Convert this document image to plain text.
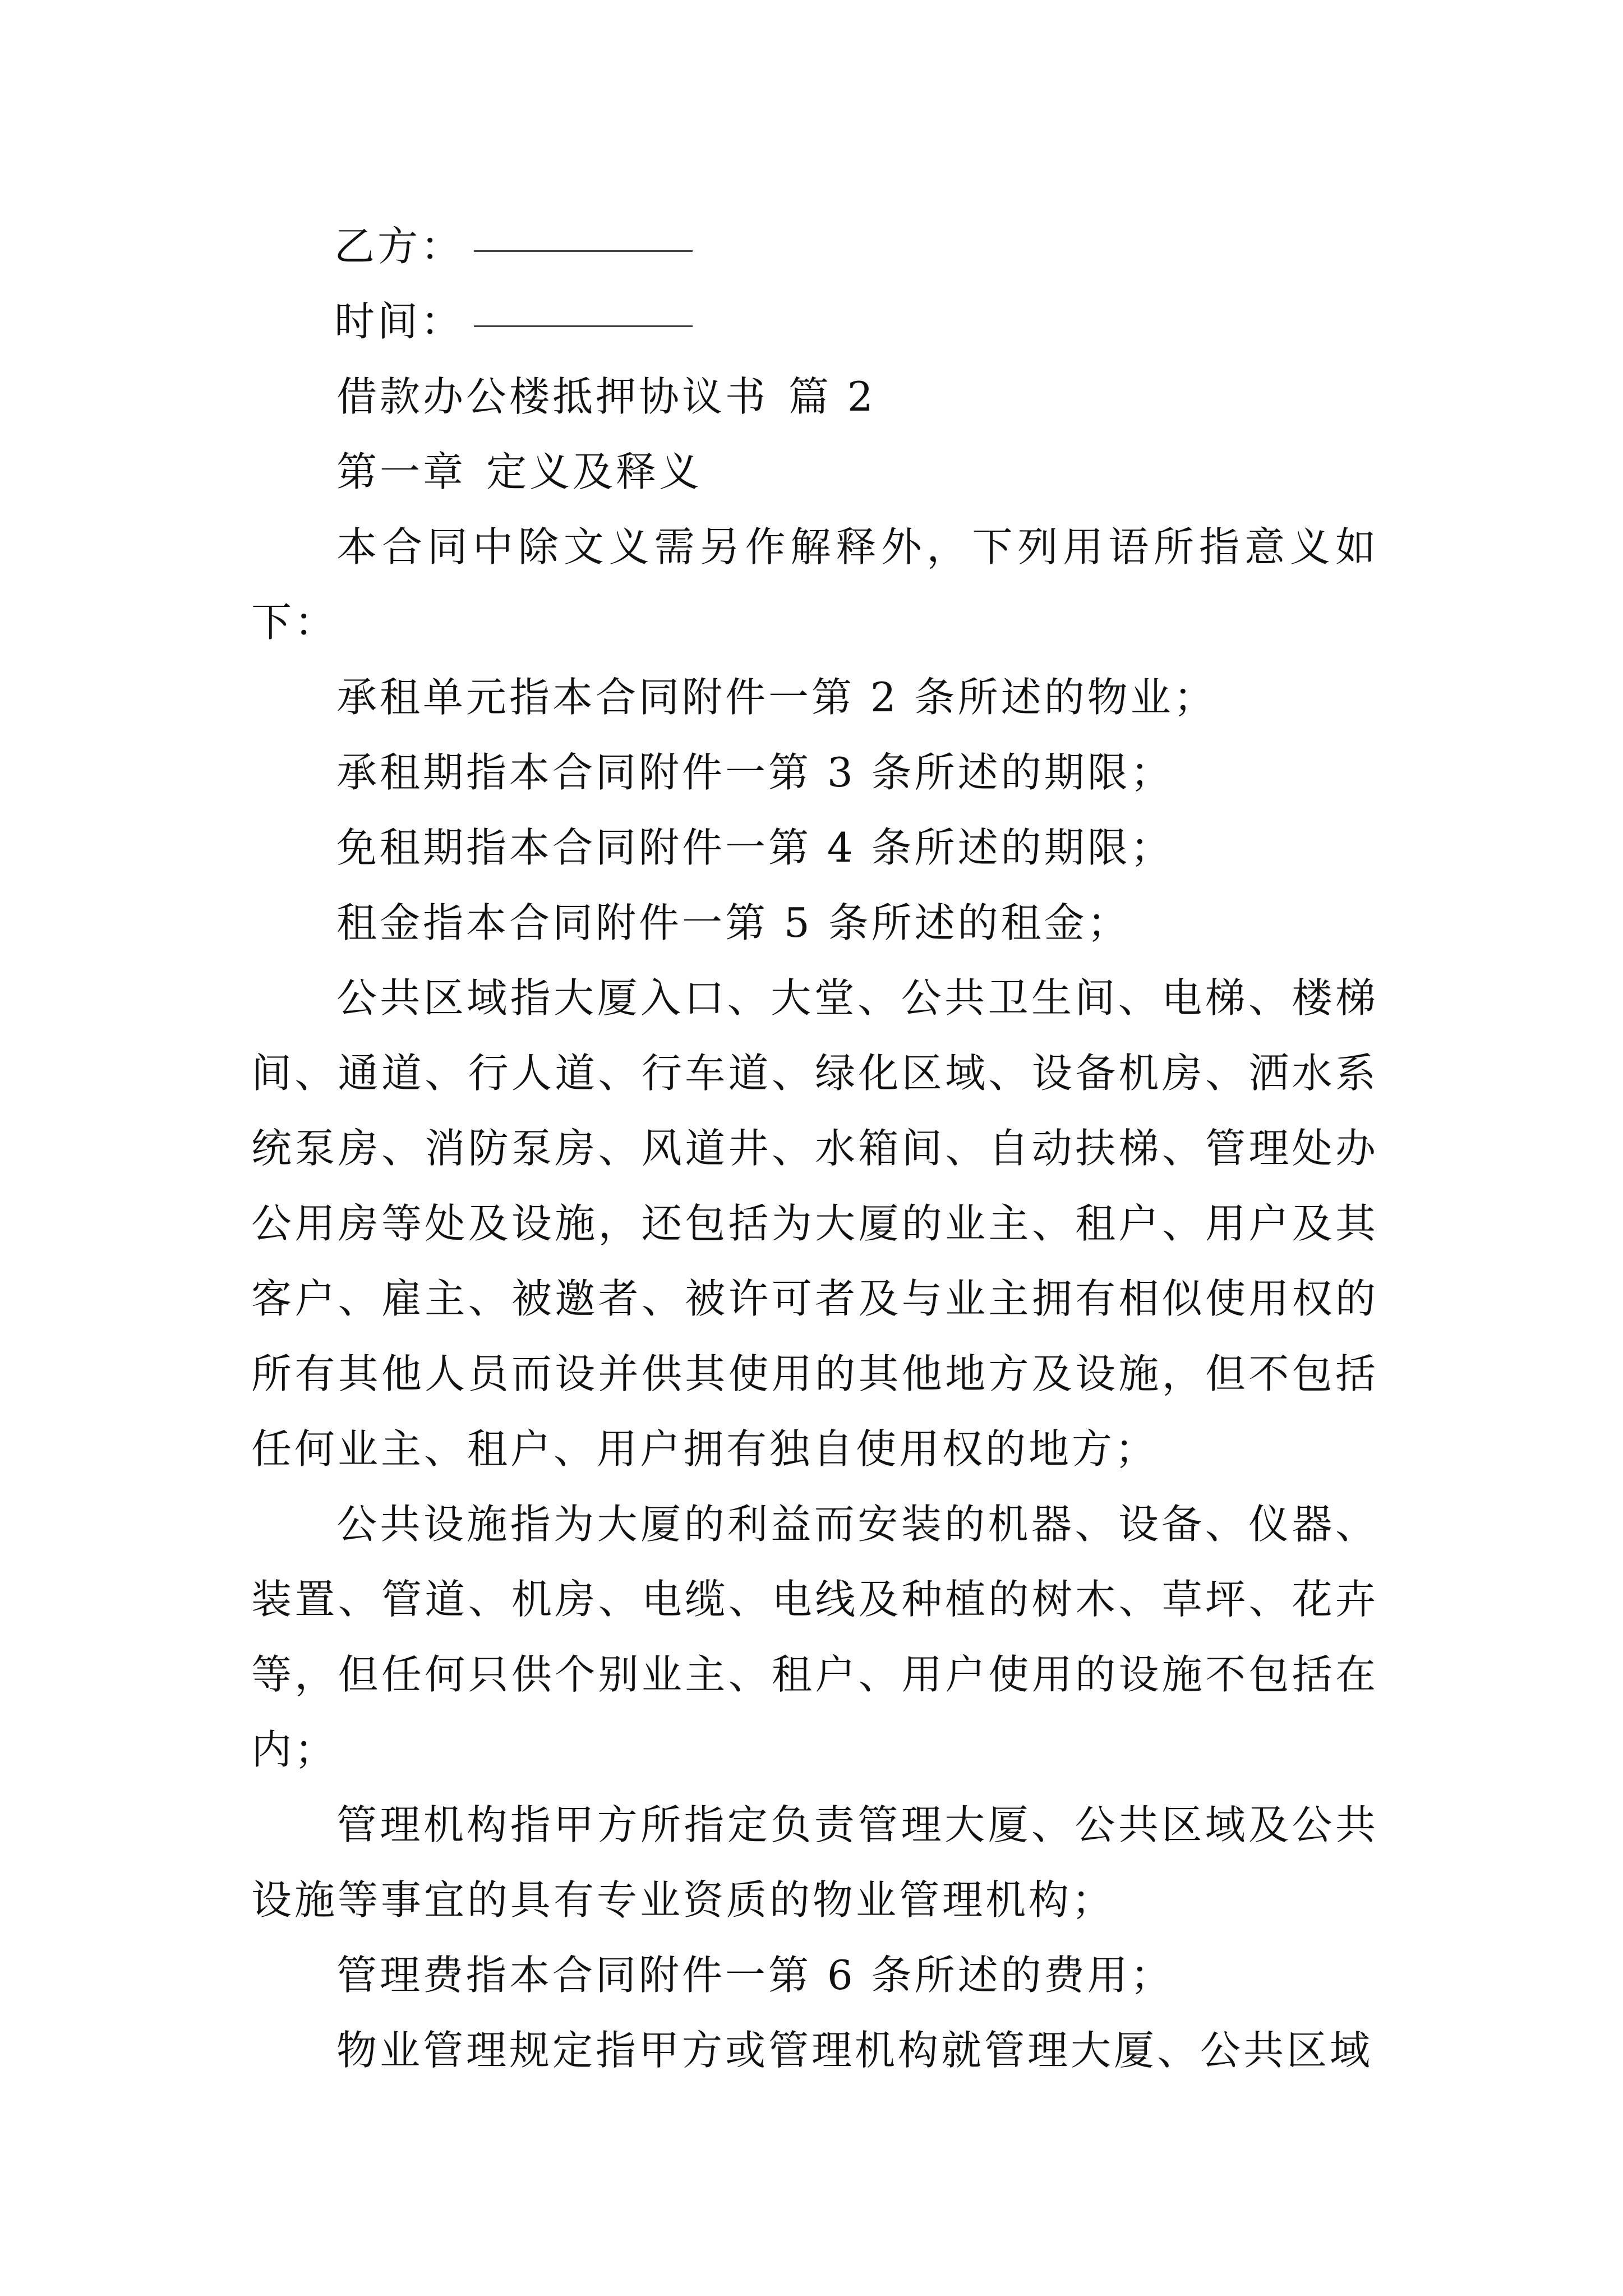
乙方：

时间：

借款办公楼抵押协议书 篇 2

第一章 定义及释义

本合同中除文义需另作解释外，下列用语所指意义如下：

承租单元指本合同附件一第 2 条所述的物业；

承租期指本合同附件一第 3 条所述的期限；

免租期指本合同附件一第 4 条所述的期限；

租金指本合同附件一第 5 条所述的租金；

公共区域指大厦入口、大堂、公共卫生间、电梯、楼梯间、通道、行人道、行车道、绿化区域、设备机房、洒水系统泵房、消防泵房、风道井、水箱间、自动扶梯、管理处办公用房等处及设施，还包括为大厦的业主、租户、用户及其客户、雇主、被邀者、被许可者及与业主拥有相似使用权的所有其他人员而设并供其使用的其他地方及设施，但不包括任何业主、租户、用户拥有独自使用权的地方；

公共设施指为大厦的利益而安装的机器、设备、仪器、装置、管道、机房、电缆、电线及种植的树木、草坪、花卉等，但任何只供个别业主、租户、用户使用的设施不包括在内；

管理机构指甲方所指定负责管理大厦、公共区域及公共设施等事宜的具有专业资质的物业管理机构；

管理费指本合同附件一第 6 条所述的费用；

物业管理规定指甲方或管理机构就管理大厦、公共区域
